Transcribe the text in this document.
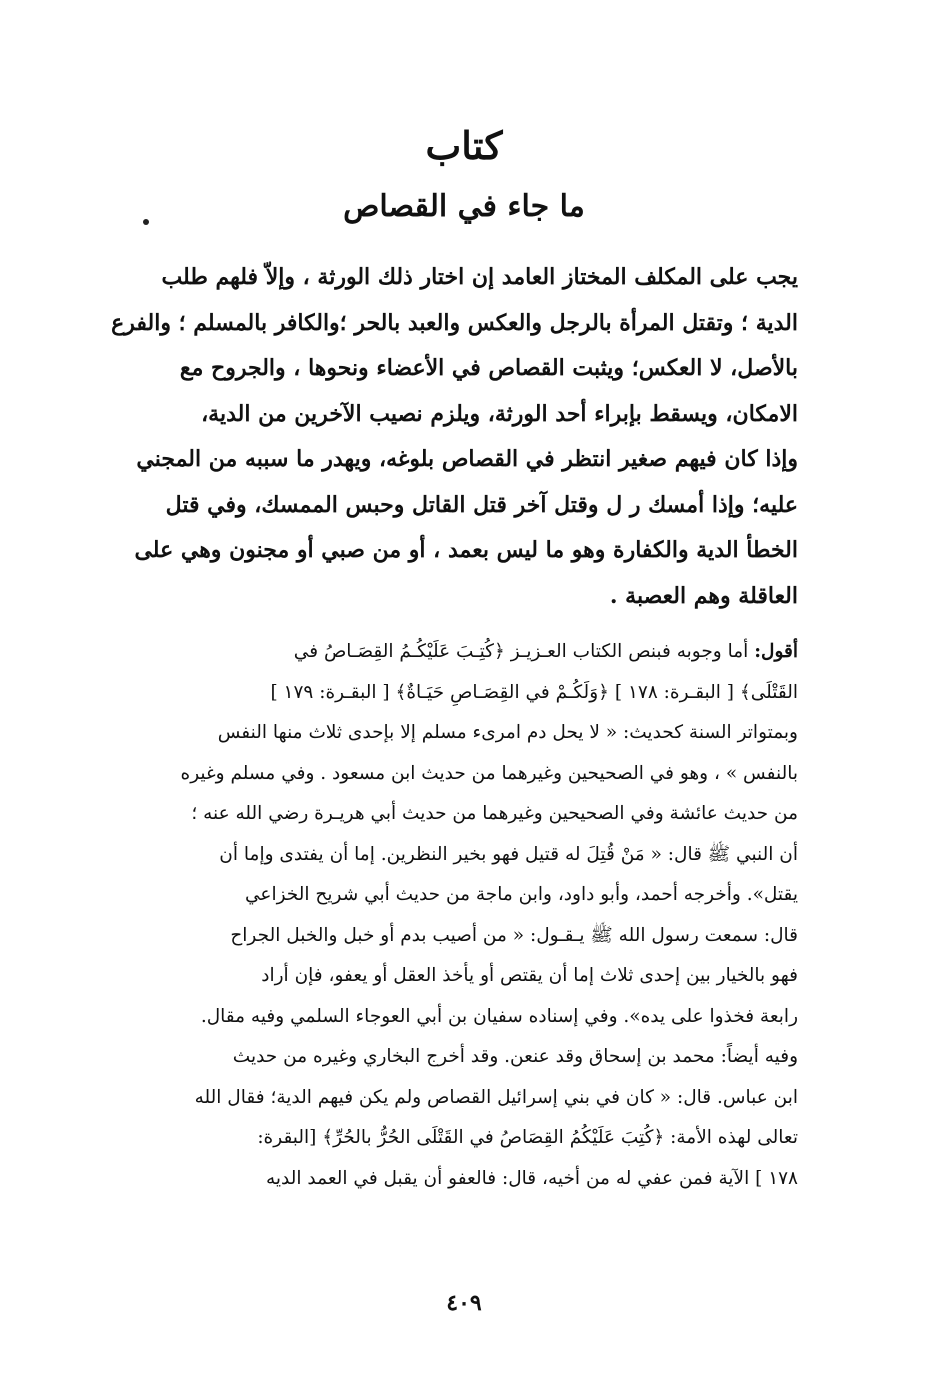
كتاب
ما جاء في القصاص
يجب على المكلف المختاز العامد إن اختار ذلك الورثة ، وإلاّ فلهم طلب
الدية ؛ وتقتل المرأة بالرجل والعكس والعبد بالحر ؛والكافر بالمسلم ؛ والفرع
بالأصل، لا العكس؛ ويثبت القصاص في الأعضاء ونحوها ، والجروح مع
الامكان، ويسقط بإبراء أحد الورثة، ويلزم نصيب الآخرين من الدية،
وإذا كان فيهم صغير انتظر في القصاص بلوغه، ويهدر ما سببه من المجني
عليه؛ وإذا أمسك ر ل وقتل آخر قتل القاتل وحبس الممسك، وفي قتل
الخطأ الدية والكفارة وهو ما ليس بعمد ، أو من صبي أو مجنون وهي على
العاقلة وهم العصبة .
أقول: أما وجوبه فبنص الكتاب العـزيـز ﴿كُتِـبَ عَلَيْكُـمُ القِصَـاصُ في
القَتْلَى﴾ [ البقـرة: ١٧٨ ] ﴿وَلَكُـمْ في القِصَـاصِ حَيَـاةٌ﴾ [ البقـرة: ١٧٩ ]
وبمتواتر السنة كحديث: « لا يحل دم امرىء مسلم إلا بإحدى ثلاث منها النفس
بالنفس » ، وهو في الصحيحين وغيرهما من حديث ابن مسعود . وفي مسلم وغيره
من حديث عائشة وفي الصحيحين وغيرهما من حديث أبي هريـرة رضي الله عنه ؛
أن النبي ﷺ قال: « مَنْ قُتِلَ له قتيل فهو بخير النظرين. إما أن يفتدى وإما أن
يقتل». وأخرجه أحمد، وأبو داود، وابن ماجة من حديث أبي شريح الخزاعي
قال: سمعت رسول الله ﷺ يـقـول: « من أصيب بدم أو خبل والخبل الجراح
فهو بالخيار بين إحدى ثلاث إما أن يقتص أو يأخذ العقل أو يعفو، فإن أراد
رابعة فخذوا على يده». وفي إسناده سفيان بن أبي العوجاء السلمي وفيه مقال.
وفيه أيضاً: محمد بن إسحاق وقد عنعن. وقد أخرج البخاري وغيره من حديث
ابن عباس. قال: « كان في بني إسرائيل القصاص ولم يكن فيهم الدية؛ فقال الله
تعالى لهذه الأمة: ﴿كُتِبَ عَلَيْكُمُ القِصَاصُ في القَتْلَى الحُرُّ بالحُرِّ﴾ [البقرة:
١٧٨ ] الآية فمن عفي له من أخيه، قال: فالعفو أن يقبل في العمد الديه
٤٠٩
